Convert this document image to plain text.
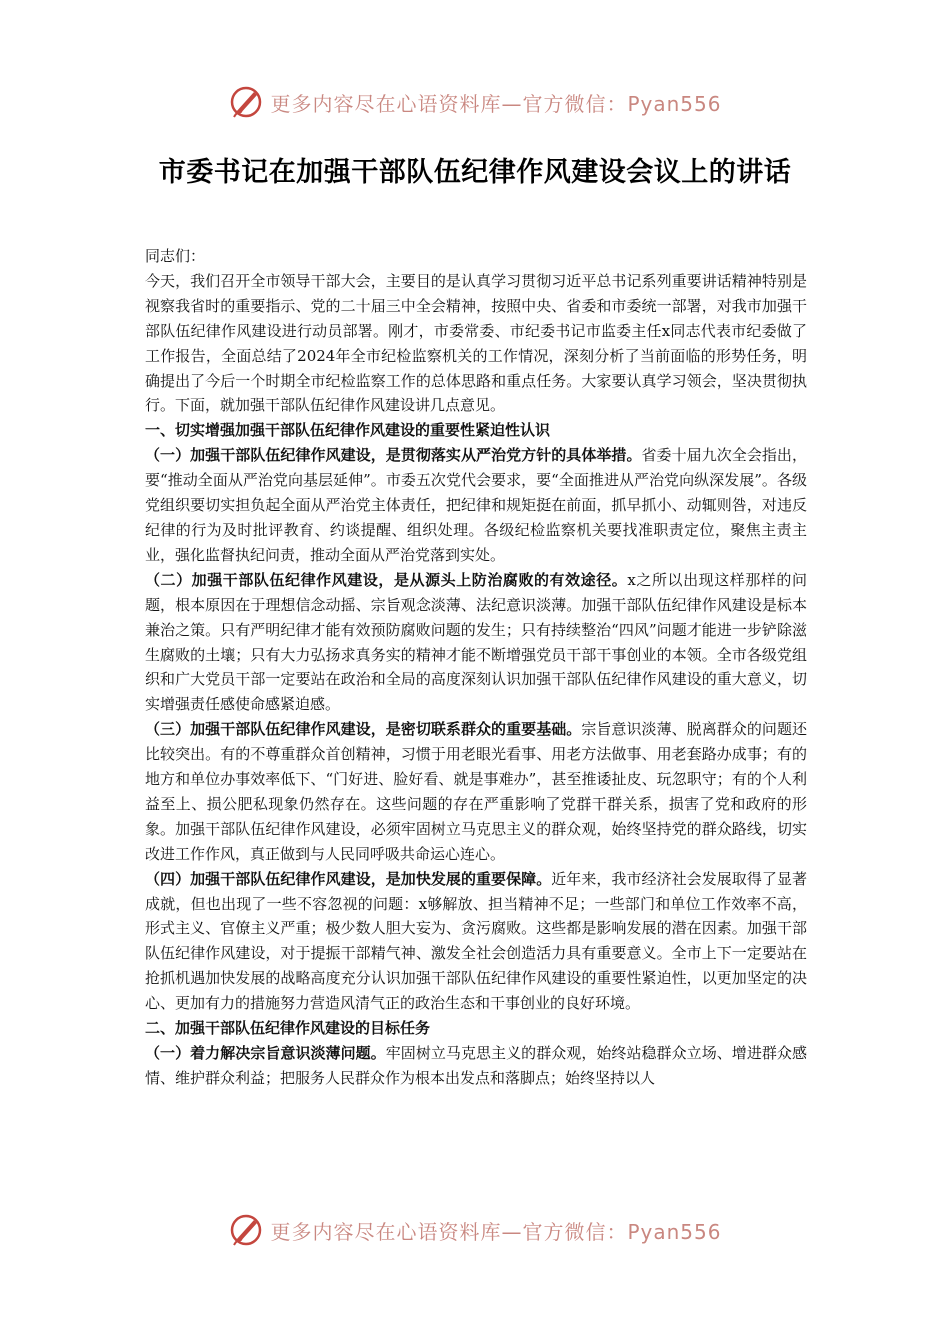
更多内容尽在心语资料库—官方微信：Pyan556
市委书记在加强干部队伍纪律作风建设会议上的讲话

同志们：

今天，我们召开全市领导干部大会，主要目的是认真学习贯彻习近平总书记系列重要讲话精神特别是视察我省时的重要指示、党的二十届三中全会精神，按照中央、省委和市委统一部署，对我市加强干部队伍纪律作风建设进行动员部署。刚才，市委常委、市纪委书记市监委主任x同志代表市纪委做了工作报告，全面总结了2024年全市纪检监察机关的工作情况，深刻分析了当前面临的形势任务，明确提出了今后一个时期全市纪检监察工作的总体思路和重点任务。大家要认真学习领会，坚决贯彻执行。下面，就加强干部队伍纪律作风建设讲几点意见。

一、切实增强加强干部队伍纪律作风建设的重要性紧迫性认识

（一）加强干部队伍纪律作风建设，是贯彻落实从严治党方针的具体举措。省委十届九次全会指出，要“推动全面从严治党向基层延伸”。市委五次党代会要求，要“全面推进从严治党向纵深发展”。各级党组织要切实担负起全面从严治党主体责任，把纪律和规矩挺在前面，抓早抓小、动辄则咎，对违反纪律的行为及时批评教育、约谈提醒、组织处理。各级纪检监察机关要找准职责定位，聚焦主责主业，强化监督执纪问责，推动全面从严治党落到实处。

（二）加强干部队伍纪律作风建设，是从源头上防治腐败的有效途径。x之所以出现这样那样的问题，根本原因在于理想信念动摇、宗旨观念淡薄、法纪意识淡薄。加强干部队伍纪律作风建设是标本兼治之策。只有严明纪律才能有效预防腐败问题的发生；只有持续整治“四风”问题才能进一步铲除滋生腐败的土壤；只有大力弘扬求真务实的精神才能不断增强党员干部干事创业的本领。全市各级党组织和广大党员干部一定要站在政治和全局的高度深刻认识加强干部队伍纪律作风建设的重大意义，切实增强责任感使命感紧迫感。

（三）加强干部队伍纪律作风建设，是密切联系群众的重要基础。宗旨意识淡薄、脱离群众的问题还比较突出。有的不尊重群众首创精神，习惯于用老眼光看事、用老方法做事、用老套路办成事；有的地方和单位办事效率低下、“门好进、脸好看、就是事难办”，甚至推诿扯皮、玩忽职守；有的个人利益至上、损公肥私现象仍然存在。这些问题的存在严重影响了党群干群关系，损害了党和政府的形象。加强干部队伍纪律作风建设，必须牢固树立马克思主义的群众观，始终坚持党的群众路线，切实改进工作作风，真正做到与人民同呼吸共命运心连心。

（四）加强干部队伍纪律作风建设，是加快发展的重要保障。近年来，我市经济社会发展取得了显著成就，但也出现了一些不容忽视的问题：x够解放、担当精神不足；一些部门和单位工作效率不高，形式主义、官僚主义严重；极少数人胆大妄为、贪污腐败。这些都是影响发展的潜在因素。加强干部队伍纪律作风建设，对于提振干部精气神、激发全社会创造活力具有重要意义。全市上下一定要站在抢抓机遇加快发展的战略高度充分认识加强干部队伍纪律作风建设的重要性紧迫性，以更加坚定的决心、更加有力的措施努力营造风清气正的政治生态和干事创业的良好环境。

二、加强干部队伍纪律作风建设的目标任务

（一）着力解决宗旨意识淡薄问题。牢固树立马克思主义的群众观，始终站稳群众立场、增进群众感情、维护群众利益；把服务人民群众作为根本出发点和落脚点；始终坚持以人

更多内容尽在心语资料库—官方微信：Pyan556
